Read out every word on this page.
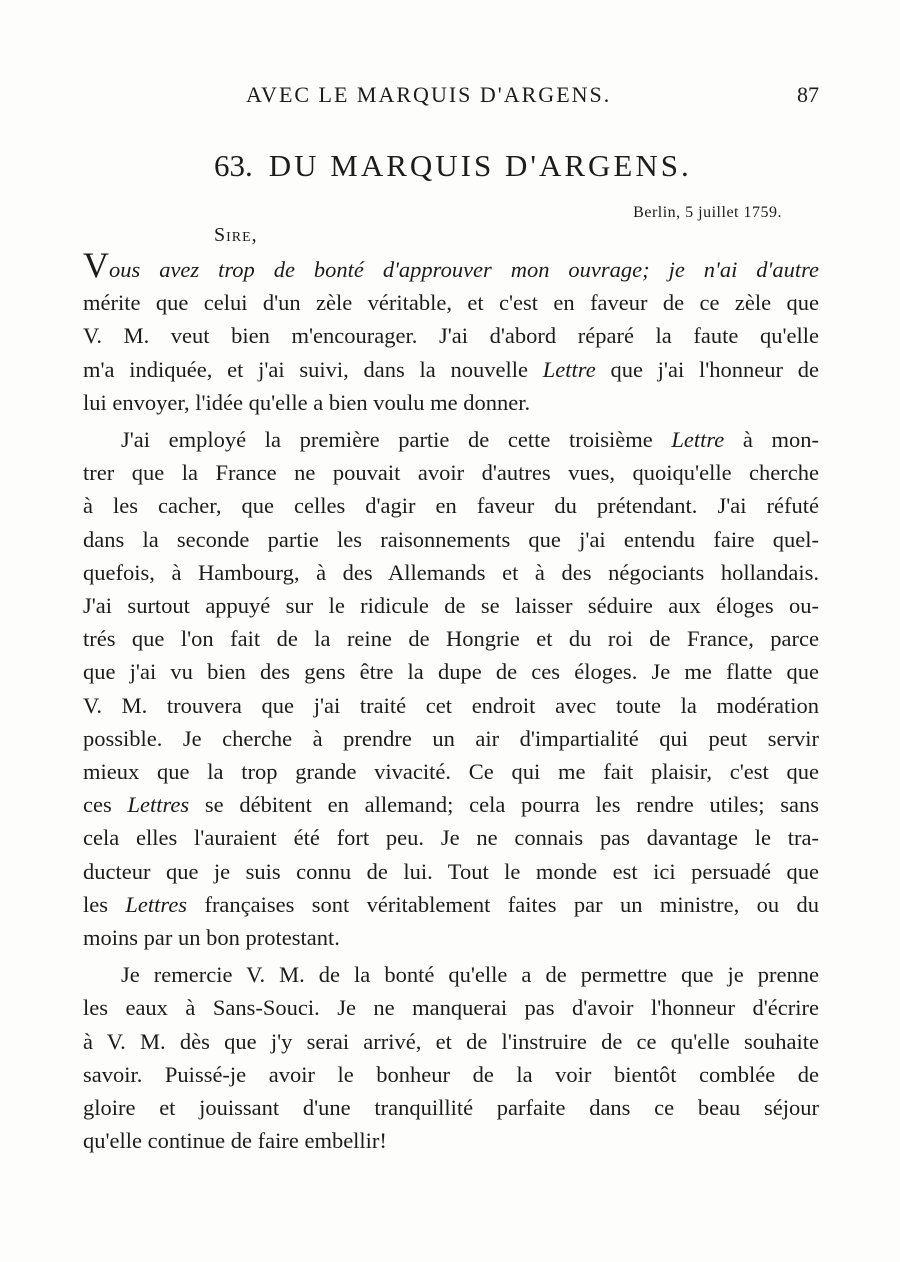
AVEC LE MARQUIS D'ARGENS.	87
63. DU MARQUIS D'ARGENS.
Berlin, 5 juillet 1759.
Sire,
Vous avez trop de bonté d'approuver mon ouvrage; je n'ai d'autre
mérite que celui d'un zèle véritable, et c'est en faveur de ce zèle que
V. M. veut bien m'encourager. J'ai d'abord réparé la faute qu'elle
m'a indiquée, et j'ai suivi, dans la nouvelle Lettre que j'ai l'honneur de
lui envoyer, l'idée qu'elle a bien voulu me donner.
J'ai employé la première partie de cette troisième Lettre à mon-
trer que la France ne pouvait avoir d'autres vues, quoiqu'elle cherche
à les cacher, que celles d'agir en faveur du prétendant. J'ai réfuté
dans la seconde partie les raisonnements que j'ai entendu faire quel-
quefois, à Hambourg, à des Allemands et à des négociants hollandais.
J'ai surtout appuyé sur le ridicule de se laisser séduire aux éloges ou-
trés que l'on fait de la reine de Hongrie et du roi de France, parce
que j'ai vu bien des gens être la dupe de ces éloges. Je me flatte que
V. M. trouvera que j'ai traité cet endroit avec toute la modération
possible. Je cherche à prendre un air d'impartialité qui peut servir
mieux que la trop grande vivacité. Ce qui me fait plaisir, c'est que
ces Lettres se débitent en allemand; cela pourra les rendre utiles; sans
cela elles l'auraient été fort peu. Je ne connais pas davantage le tra-
ducteur que je suis connu de lui. Tout le monde est ici persuadé que
les Lettres françaises sont véritablement faites par un ministre, ou du
moins par un bon protestant.
Je remercie V. M. de la bonté qu'elle a de permettre que je prenne
les eaux à Sans-Souci. Je ne manquerai pas d'avoir l'honneur d'écrire
à V. M. dès que j'y serai arrivé, et de l'instruire de ce qu'elle souhaite
savoir. Puissé-je avoir le bonheur de la voir bientôt comblée de
gloire et jouissant d'une tranquillité parfaite dans ce beau séjour
qu'elle continue de faire embellir!
